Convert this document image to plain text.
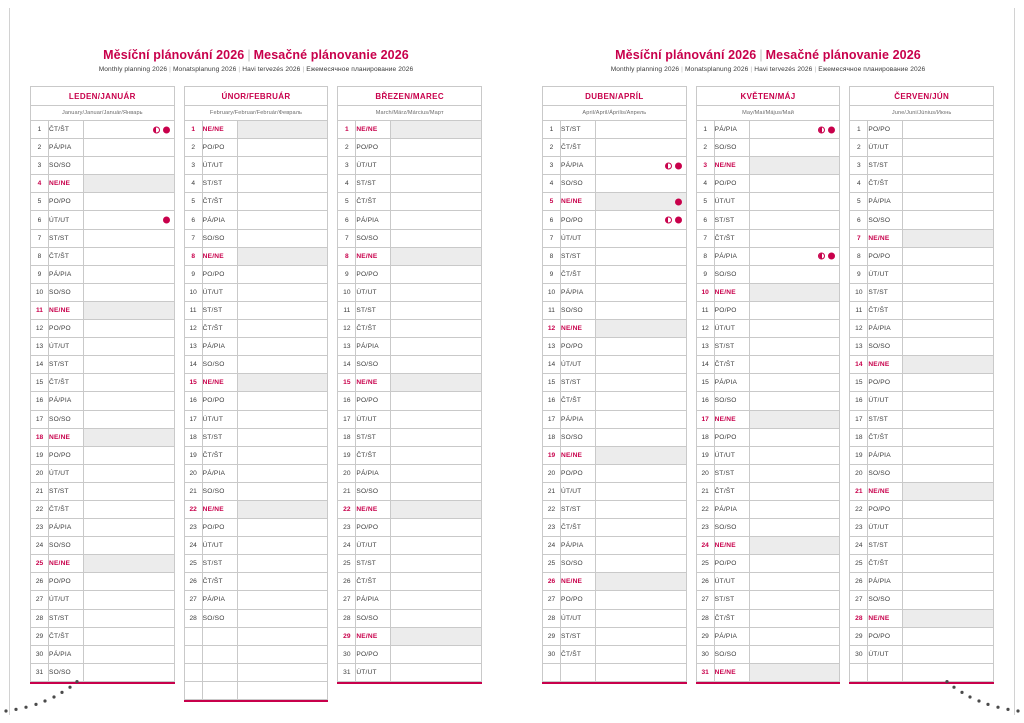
Měsíční plánování 2026 | Mesačné plánovanie 2026
Monthly planning 2026 | Monatsplanung 2026 | Havi tervezés 2026 | Ежемесячное планирование 2026
LEDEN/JANUÁR
January/Januar/Január/Январь
1	ČT/ŠT	

2	PÁ/PIA	
3	SO/SO	
4	NE/NE	
5	PO/PO	
6	ÚT/UT	

7	ST/ST	
8	ČT/ŠT	
9	PÁ/PIA	
10	SO/SO	
11	NE/NE	
12	PO/PO	
13	ÚT/UT	
14	ST/ST	
15	ČT/ŠT	
16	PÁ/PIA	
17	SO/SO	
18	NE/NE	
19	PO/PO	
20	ÚT/UT	
21	ST/ST	
22	ČT/ŠT	
23	PÁ/PIA	
24	SO/SO	
25	NE/NE	
26	PO/PO	
27	ÚT/UT	
28	ST/ST	
29	ČT/ŠT	
30	PÁ/PIA	
31	SO/SO	
ÚNOR/FEBRUÁR
February/Februar/Február/Февраль
1	NE/NE	
2	PO/PO	
3	ÚT/UT	
4	ST/ST	
5	ČT/ŠT	
6	PÁ/PIA	
7	SO/SO	
8	NE/NE	
9	PO/PO	
10	ÚT/UT	
11	ST/ST	
12	ČT/ŠT	
13	PÁ/PIA	
14	SO/SO	
15	NE/NE	
16	PO/PO	
17	ÚT/UT	
18	ST/ST	
19	ČT/ŠT	
20	PÁ/PIA	
21	SO/SO	
22	NE/NE	
23	PO/PO	
24	ÚT/UT	
25	ST/ST	
26	ČT/ŠT	
27	PÁ/PIA	
28	SO/SO	

BŘEZEN/MAREC
March/März/Március/Март
1	NE/NE	
2	PO/PO	
3	ÚT/UT	
4	ST/ST	
5	ČT/ŠT	
6	PÁ/PIA	
7	SO/SO	
8	NE/NE	
9	PO/PO	
10	ÚT/UT	
11	ST/ST	
12	ČT/ŠT	
13	PÁ/PIA	
14	SO/SO	
15	NE/NE	
16	PO/PO	
17	ÚT/UT	
18	ST/ST	
19	ČT/ŠT	
20	PÁ/PIA	
21	SO/SO	
22	NE/NE	
23	PO/PO	
24	ÚT/UT	
25	ST/ST	
26	ČT/ŠT	
27	PÁ/PIA	
28	SO/SO	
29	NE/NE	
30	PO/PO	
31	ÚT/UT	
Měsíční plánování 2026 | Mesačné plánovanie 2026
Monthly planning 2026 | Monatsplanung 2026 | Havi tervezés 2026 | Ежемесячное планирование 2026
DUBEN/APRÍL
April/April/Április/Апрель
1	ST/ST	
2	ČT/ŠT	
3	PÁ/PIA	

4	SO/SO	
5	NE/NE	

6	PO/PO	

7	ÚT/UT	
8	ST/ST	
9	ČT/ŠT	
10	PÁ/PIA	
11	SO/SO	
12	NE/NE	
13	PO/PO	
14	ÚT/UT	
15	ST/ST	
16	ČT/ŠT	
17	PÁ/PIA	
18	SO/SO	
19	NE/NE	
20	PO/PO	
21	ÚT/UT	
22	ST/ST	
23	ČT/ŠT	
24	PÁ/PIA	
25	SO/SO	
26	NE/NE	
27	PO/PO	
28	ÚT/UT	
29	ST/ST	
30	ČT/ŠT	

KVĚTEN/MÁJ
May/Mai/Május/Май
1	PÁ/PIA	

2	SO/SO	
3	NE/NE	
4	PO/PO	
5	ÚT/UT	
6	ST/ST	
7	ČT/ŠT	
8	PÁ/PIA	

9	SO/SO	
10	NE/NE	
11	PO/PO	
12	ÚT/UT	
13	ST/ST	
14	ČT/ŠT	
15	PÁ/PIA	
16	SO/SO	
17	NE/NE	
18	PO/PO	
19	ÚT/UT	
20	ST/ST	
21	ČT/ŠT	
22	PÁ/PIA	
23	SO/SO	
24	NE/NE	
25	PO/PO	
26	ÚT/UT	
27	ST/ST	
28	ČT/ŠT	
29	PÁ/PIA	
30	SO/SO	
31	NE/NE	
ČERVEN/JÚN
June/Juni/Június/Июнь
1	PO/PO	
2	ÚT/UT	
3	ST/ST	
4	ČT/ŠT	
5	PÁ/PIA	
6	SO/SO	
7	NE/NE	
8	PO/PO	
9	ÚT/UT	
10	ST/ST	
11	ČT/ŠT	
12	PÁ/PIA	
13	SO/SO	
14	NE/NE	
15	PO/PO	
16	ÚT/UT	
17	ST/ST	
18	ČT/ŠT	
19	PÁ/PIA	
20	SO/SO	
21	NE/NE	
22	PO/PO	
23	ÚT/UT	
24	ST/ST	
25	ČT/ŠT	
26	PÁ/PIA	
27	SO/SO	
28	NE/NE	
29	PO/PO	
30	ÚT/UT	
